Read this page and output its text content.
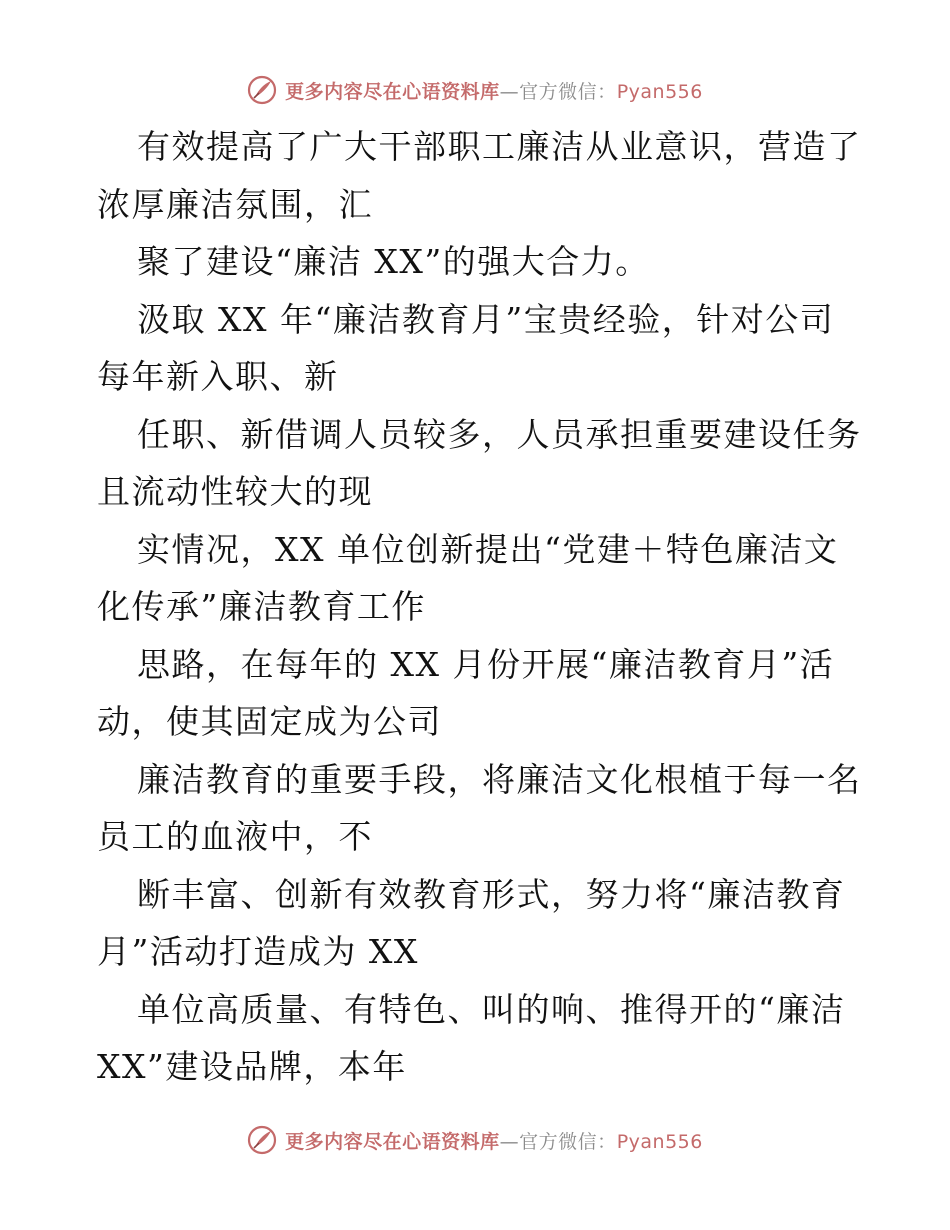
更多内容尽在心语资料库—官方微信：Pyan556
有效提高了广大干部职工廉洁从业意识，营造了
浓厚廉洁氛围，汇
聚了建设“廉洁 XX”的强大合力。
汲取 XX 年“廉洁教育月”宝贵经验，针对公司
每年新入职、新
任职、新借调人员较多，人员承担重要建设任务
且流动性较大的现
实情况，XX 单位创新提出“党建＋特色廉洁文
化传承”廉洁教育工作
思路，在每年的 XX 月份开展“廉洁教育月”活
动，使其固定成为公司
廉洁教育的重要手段，将廉洁文化根植于每一名
员工的血液中，不
断丰富、创新有效教育形式，努力将“廉洁教育
月”活动打造成为 XX
单位高质量、有特色、叫的响、推得开的“廉洁
XX”建设品牌，本年
更多内容尽在心语资料库—官方微信：Pyan556
